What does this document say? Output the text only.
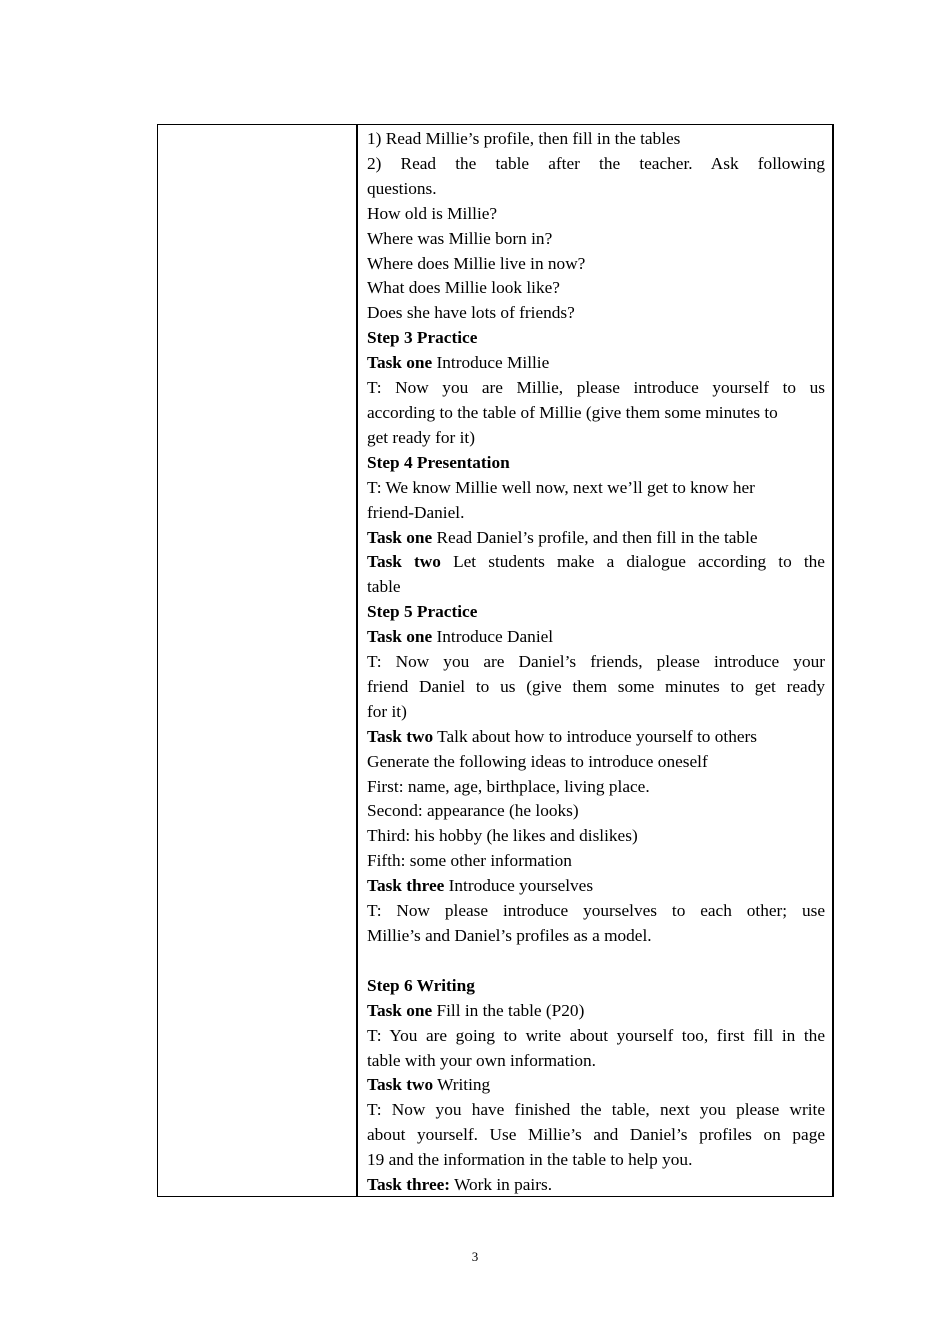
1) Read Millie’s profile, then fill in the tables
2) Read the table after the teacher. Ask following
questions.
How old is Millie?
Where was Millie born in?
Where does Millie live in now?
What does Millie look like?
Does she have lots of friends?
Step 3 Practice
Task one Introduce Millie
T: Now you are Millie, please introduce yourself to us
according to the table of Millie (give them some minutes to
get ready for it)
Step 4 Presentation
T: We know Millie well now, next we’ll get to know her
friend-Daniel.
Task one Read Daniel’s profile, and then fill in the table
Task two Let students make a dialogue according to the
table
Step 5 Practice
Task one Introduce Daniel
T: Now you are Daniel’s friends, please introduce your
friend Daniel to us (give them some minutes to get ready
for it)
Task two Talk about how to introduce yourself to others
Generate the following ideas to introduce oneself
First: name, age, birthplace, living place.
Second: appearance (he looks)
Third: his hobby (he likes and dislikes)
Fifth: some other information
Task three Introduce yourselves
T: Now please introduce yourselves to each other; use
Millie’s and Daniel’s profiles as a model.
Step 6 Writing
Task one Fill in the table (P20)
T: You are going to write about yourself too, first fill in the
table with your own information.
Task two Writing
T: Now you have finished the table, next you please write
about yourself. Use Millie’s and Daniel’s profiles on page
19 and the information in the table to help you.
Task three: Work in pairs.
3
